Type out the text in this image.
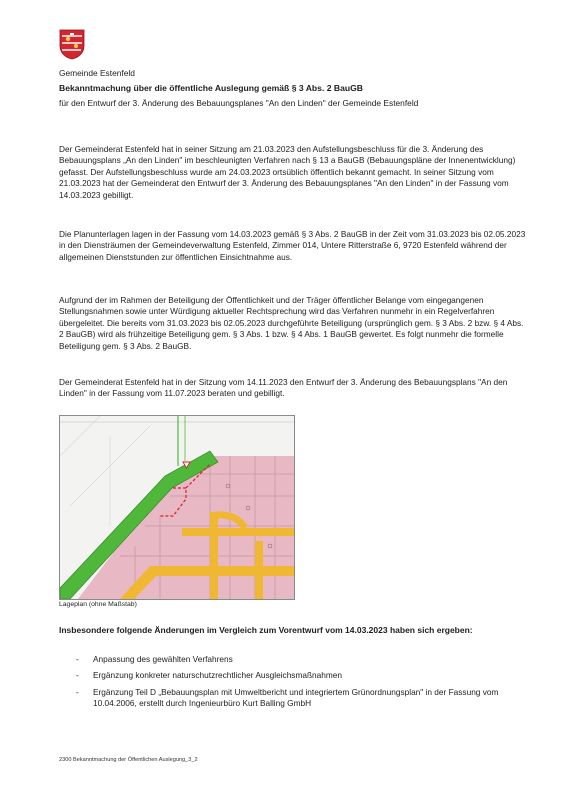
Gemeinde Estenfeld
Bekanntmachung über die öffentliche Auslegung gemäß § 3 Abs. 2 BauGB
für den Entwurf der 3. Änderung des Bebauungsplanes "An den Linden" der Gemeinde Estenfeld

Der Gemeinderat Estenfeld hat in seiner Sitzung am 21.03.2023 den Aufstellungsbeschluss für die 3. Änderung des Bebauungsplans „An den Linden" im beschleunigten Verfahren nach § 13 a BauGB (Bebauungspläne der Innenentwicklung) gefasst. Der Aufstellungsbeschluss wurde am 24.03.2023 ortsüblich öffentlich bekannt gemacht. In seiner Sitzung vom 21.03.2023 hat der Gemeinderat den Entwurf der 3. Änderung des Bebauungsplanes "An den Linden" in der Fassung vom 14.03.2023 gebilligt.

Die Planunterlagen lagen in der Fassung vom 14.03.2023 gemäß § 3 Abs. 2 BauGB in der Zeit vom 31.03.2023 bis 02.05.2023 in den Diensträumen der Gemeindeverwaltung Estenfeld, Zimmer 014, Untere Ritterstraße 6, 9720 Estenfeld während der allgemeinen Dienststunden zur öffentlichen Einsichtnahme aus.

Aufgrund der im Rahmen der Beteiligung der Öffentlichkeit und der Träger öffentlicher Belange vom eingegangenen Stellungsnahmen sowie unter Würdigung aktueller Rechtsprechung wird das Verfahren nunmehr in ein Regelverfahren übergeleitet. Die bereits vom 31.03.2023 bis 02.05.2023 durchgeführte Beteiligung (ursprünglich gem. § 3 Abs. 2 bzw. § 4 Abs. 2 BauGB) wird als frühzeitige Beteiligung gem. § 3 Abs. 1 bzw. § 4 Abs. 1 BauGB gewertet. Es folgt nunmehr die formelle Beteiligung gem. § 3 Abs. 2 BauGB.

Der Gemeinderat Estenfeld hat in der Sitzung vom 14.11.2023 den Entwurf der 3. Änderung des Bebauungsplans "An den Linden" in der Fassung vom 11.07.2023 beraten und gebilligt.

Lageplan (ohne Maßstab)

Insbesondere folgende Änderungen im Vergleich zum Vorentwurf vom 14.03.2023 haben sich ergeben:

- Anpassung des gewählten Verfahrens
- Ergänzung konkreter naturschutzrechtlicher Ausgleichsmaßnahmen
- Ergänzung Teil D „Bebauungsplan mit Umweltbericht und integriertem Grünordnungsplan" in der Fassung vom 10.04.2006, erstellt durch Ingenieurbüro Kurt Balling GmbH
2300 Bekanntmachung der Öffentlichen Auslegung_3_2
